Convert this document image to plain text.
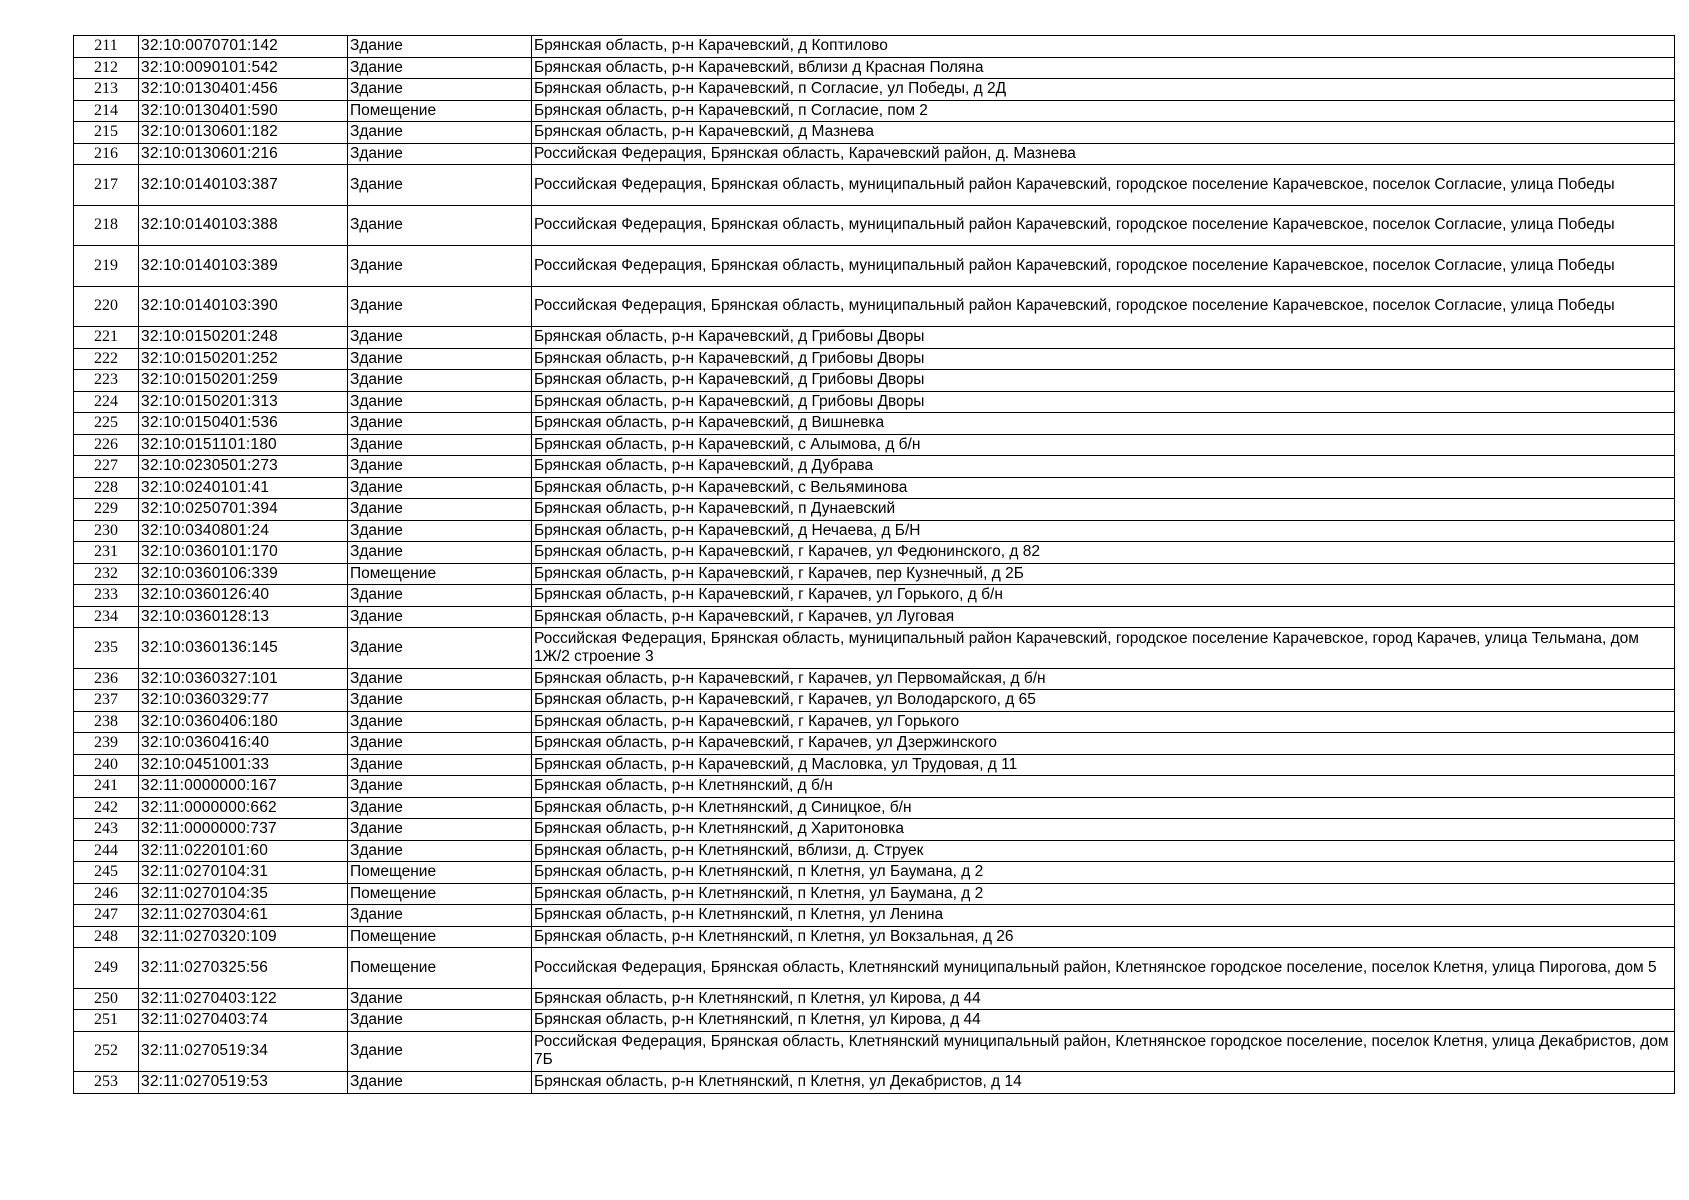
211	32:10:0070701:142	Здание	Брянская область, р-н Карачевский, д Коптилово
212	32:10:0090101:542	Здание	Брянская область, р-н Карачевский, вблизи д Красная Поляна
213	32:10:0130401:456	Здание	Брянская область, р-н Карачевский, п Согласие, ул Победы, д 2Д
214	32:10:0130401:590	Помещение	Брянская область, р-н Карачевский, п Согласие, пом 2
215	32:10:0130601:182	Здание	Брянская область, р-н Карачевский, д Мазнева
216	32:10:0130601:216	Здание	Российская Федерация, Брянская область, Карачевский район, д. Мазнева
217	32:10:0140103:387	Здание	Российская Федерация, Брянская область, муниципальный район Карачевский, городское поселение Карачевское, поселок Согласие, улица Победы
218	32:10:0140103:388	Здание	Российская Федерация, Брянская область, муниципальный район Карачевский, городское поселение Карачевское, поселок Согласие, улица Победы
219	32:10:0140103:389	Здание	Российская Федерация, Брянская область, муниципальный район Карачевский, городское поселение Карачевское, поселок Согласие, улица Победы
220	32:10:0140103:390	Здание	Российская Федерация, Брянская область, муниципальный район Карачевский, городское поселение Карачевское, поселок Согласие, улица Победы
221	32:10:0150201:248	Здание	Брянская область, р-н Карачевский, д Грибовы Дворы
222	32:10:0150201:252	Здание	Брянская область, р-н Карачевский, д Грибовы Дворы
223	32:10:0150201:259	Здание	Брянская область, р-н Карачевский, д Грибовы Дворы
224	32:10:0150201:313	Здание	Брянская область, р-н Карачевский, д Грибовы Дворы
225	32:10:0150401:536	Здание	Брянская область, р-н Карачевский, д Вишневка
226	32:10:0151101:180	Здание	Брянская область, р-н Карачевский, с Алымова, д б/н
227	32:10:0230501:273	Здание	Брянская область, р-н Карачевский, д Дубрава
228	32:10:0240101:41	Здание	Брянская область, р-н Карачевский, с Вельяминова
229	32:10:0250701:394	Здание	Брянская область, р-н Карачевский, п Дунаевский
230	32:10:0340801:24	Здание	Брянская область, р-н Карачевский, д Нечаева, д Б/Н
231	32:10:0360101:170	Здание	Брянская область, р-н Карачевский, г Карачев, ул Федюнинского, д 82
232	32:10:0360106:339	Помещение	Брянская область, р-н Карачевский, г Карачев, пер Кузнечный, д 2Б
233	32:10:0360126:40	Здание	Брянская область, р-н Карачевский, г Карачев, ул Горького, д б/н
234	32:10:0360128:13	Здание	Брянская область, р-н Карачевский, г Карачев, ул Луговая
235	32:10:0360136:145	Здание	Российская Федерация, Брянская область, муниципальный район Карачевский, городское поселение Карачевское, город Карачев, улица Тельмана, дом 1Ж/2 строение 3
236	32:10:0360327:101	Здание	Брянская область, р-н Карачевский, г Карачев, ул Первомайская, д б/н
237	32:10:0360329:77	Здание	Брянская область, р-н Карачевский, г Карачев, ул Володарского, д 65
238	32:10:0360406:180	Здание	Брянская область, р-н Карачевский, г Карачев, ул Горького
239	32:10:0360416:40	Здание	Брянская область, р-н Карачевский, г Карачев, ул Дзержинского
240	32:10:0451001:33	Здание	Брянская область, р-н Карачевский, д Масловка, ул Трудовая, д 11
241	32:11:0000000:167	Здание	Брянская область, р-н Клетнянский, д б/н
242	32:11:0000000:662	Здание	Брянская область, р-н Клетнянский, д Синицкое, б/н
243	32:11:0000000:737	Здание	Брянская область, р-н Клетнянский, д Харитоновка
244	32:11:0220101:60	Здание	Брянская область, р-н Клетнянский, вблизи, д. Струек
245	32:11:0270104:31	Помещение	Брянская область, р-н Клетнянский, п Клетня, ул Баумана, д 2
246	32:11:0270104:35	Помещение	Брянская область, р-н Клетнянский, п Клетня, ул Баумана, д 2
247	32:11:0270304:61	Здание	Брянская область, р-н Клетнянский, п Клетня, ул Ленина
248	32:11:0270320:109	Помещение	Брянская область, р-н Клетнянский, п Клетня, ул Вокзальная, д 26
249	32:11:0270325:56	Помещение	Российская Федерация, Брянская область, Клетнянский муниципальный район, Клетнянское городское поселение, поселок Клетня, улица Пирогова, дом 5
250	32:11:0270403:122	Здание	Брянская область, р-н Клетнянский, п Клетня, ул Кирова, д 44
251	32:11:0270403:74	Здание	Брянская область, р-н Клетнянский, п Клетня, ул Кирова, д 44
252	32:11:0270519:34	Здание	Российская Федерация, Брянская область, Клетнянский муниципальный район, Клетнянское городское поселение, поселок Клетня, улица Декабристов, дом 7Б
253	32:11:0270519:53	Здание	Брянская область, р-н Клетнянский, п Клетня, ул Декабристов, д 14
